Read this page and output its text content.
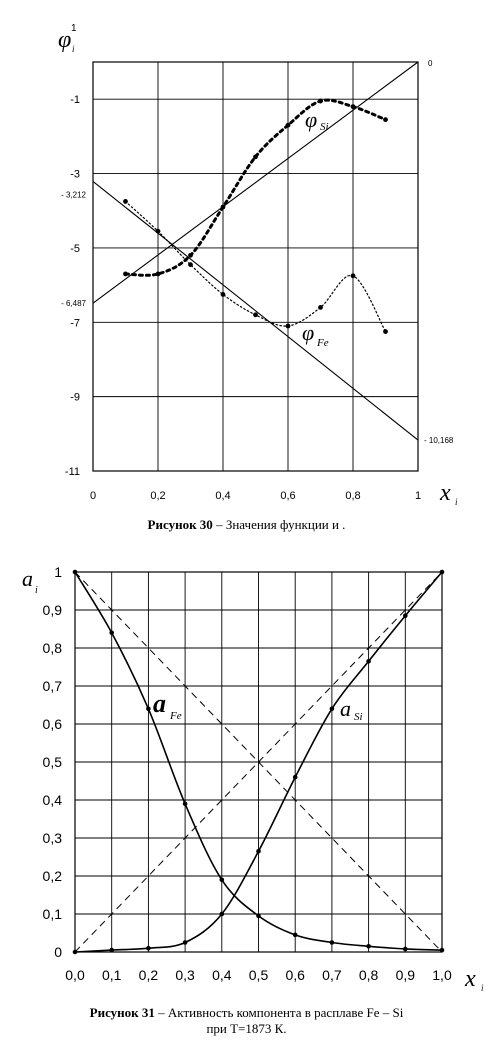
- 6,487
- 3,212
0
- 10,168
0	0,2	0,4	0,6	0,8	1
-1
-3
-5
-7
-9
-11
φ 1
i
x i
φ Si
φ Fe
Рисунок 30 – Значения функции и .
0,0 0,1 0,2 0,3 0,4 0,5 0,6 0,7 0,8 0,9 1,0
0
0,1
0,2
0,3
0,4
0,5
0,6
0,7
0,8
0,9
1
a i
x i
a Fe	a Si
Рисунок 31 – Активность компонента в расплаве Fe – Si
при Т=1873 К.
